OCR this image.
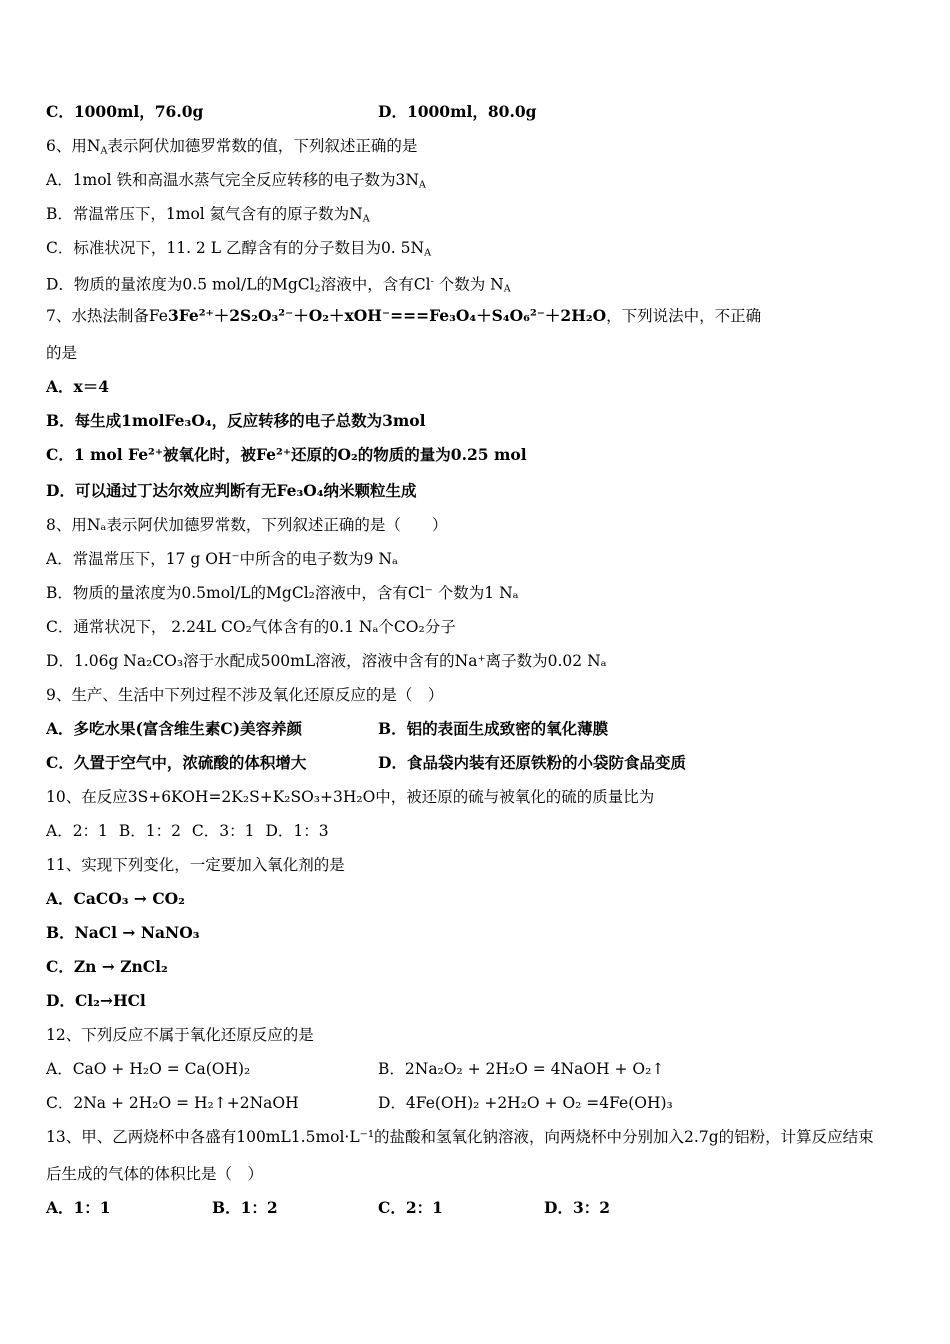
C．1000ml，76.0g	D．1000ml，80.0g
6、用$N_A$表示阿伏加德罗常数的值，下列叙述正确的是
A．1mol 铁和高温水蒸气完全反应转移的电子数为$3N_A$
B．常温常压下，1mol 氦气含有的原子数为$N_A$
C．标准状况下，11. 2 L 乙醇含有的分子数目为0. $5N_A$
D．物质的量浓度为0.5 mol/L的MgCl$_2$溶液中，含有Cl- 个数为 $N_A$
7、水热法制备Fe3Fe²⁺＋2S₂O₃²⁻＋O₂＋xOH⁻===Fe₃O₄＋S₄O₆²⁻＋2H₂O，下列说法中，不正确
的是
A．x＝4
B．每生成1molFe₃O₄，反应转移的电子总数为3mol
C．1 mol Fe²⁺被氧化时，被Fe²⁺还原的O₂的物质的量为0.25 mol
D．可以通过丁达尔效应判断有无Fe₃O₄纳米颗粒生成
8、用Nₐ表示阿伏加德罗常数，下列叙述正确的是（　　）
A．常温常压下，17 g OH⁻中所含的电子数为9 Nₐ
B．物质的量浓度为0.5mol/L的MgCl₂溶液中，含有Cl⁻ 个数为1 Nₐ
C．通常状况下， 2.24L CO₂气体含有的0.1 Nₐ个CO₂分子
D．1.06g Na₂CO₃溶于水配成500mL溶液，溶液中含有的Na⁺离子数为0.02 Nₐ
9、生产、生活中下列过程不涉及氧化还原反应的是（　）
A．多吃水果(富含维生素C)美容养颜	B．铝的表面生成致密的氧化薄膜
C．久置于空气中，浓硫酸的体积增大	D．食品袋内装有还原铁粉的小袋防食品变质
10、在反应3S+6KOH=2K₂S+K₂SO₃+3H₂O中，被还原的硫与被氧化的硫的质量比为
A．2：1 B．1：2 C．3：1 D．1：3
11、实现下列变化，一定要加入氧化剂的是
A．CaCO₃ → CO₂
B．NaCl → NaNO₃
C．Zn → ZnCl₂
D．Cl₂→HCl
12、下列反应不属于氧化还原反应的是
A．CaO + H₂O = Ca(OH)₂	B．2Na₂O₂ + 2H₂O = 4NaOH + O₂↑
C．2Na + 2H₂O = H₂↑+2NaOH	D．4Fe(OH)₂ +2H₂O + O₂ =4Fe(OH)₃
13、甲、乙两烧杯中各盛有100mL1.5mol·L⁻¹的盐酸和氢氧化钠溶液，向两烧杯中分别加入2.7g的铝粉，计算反应结束
后生成的气体的体积比是（　）
A．1：1	B．1：2	C．2：1	D．3：2
